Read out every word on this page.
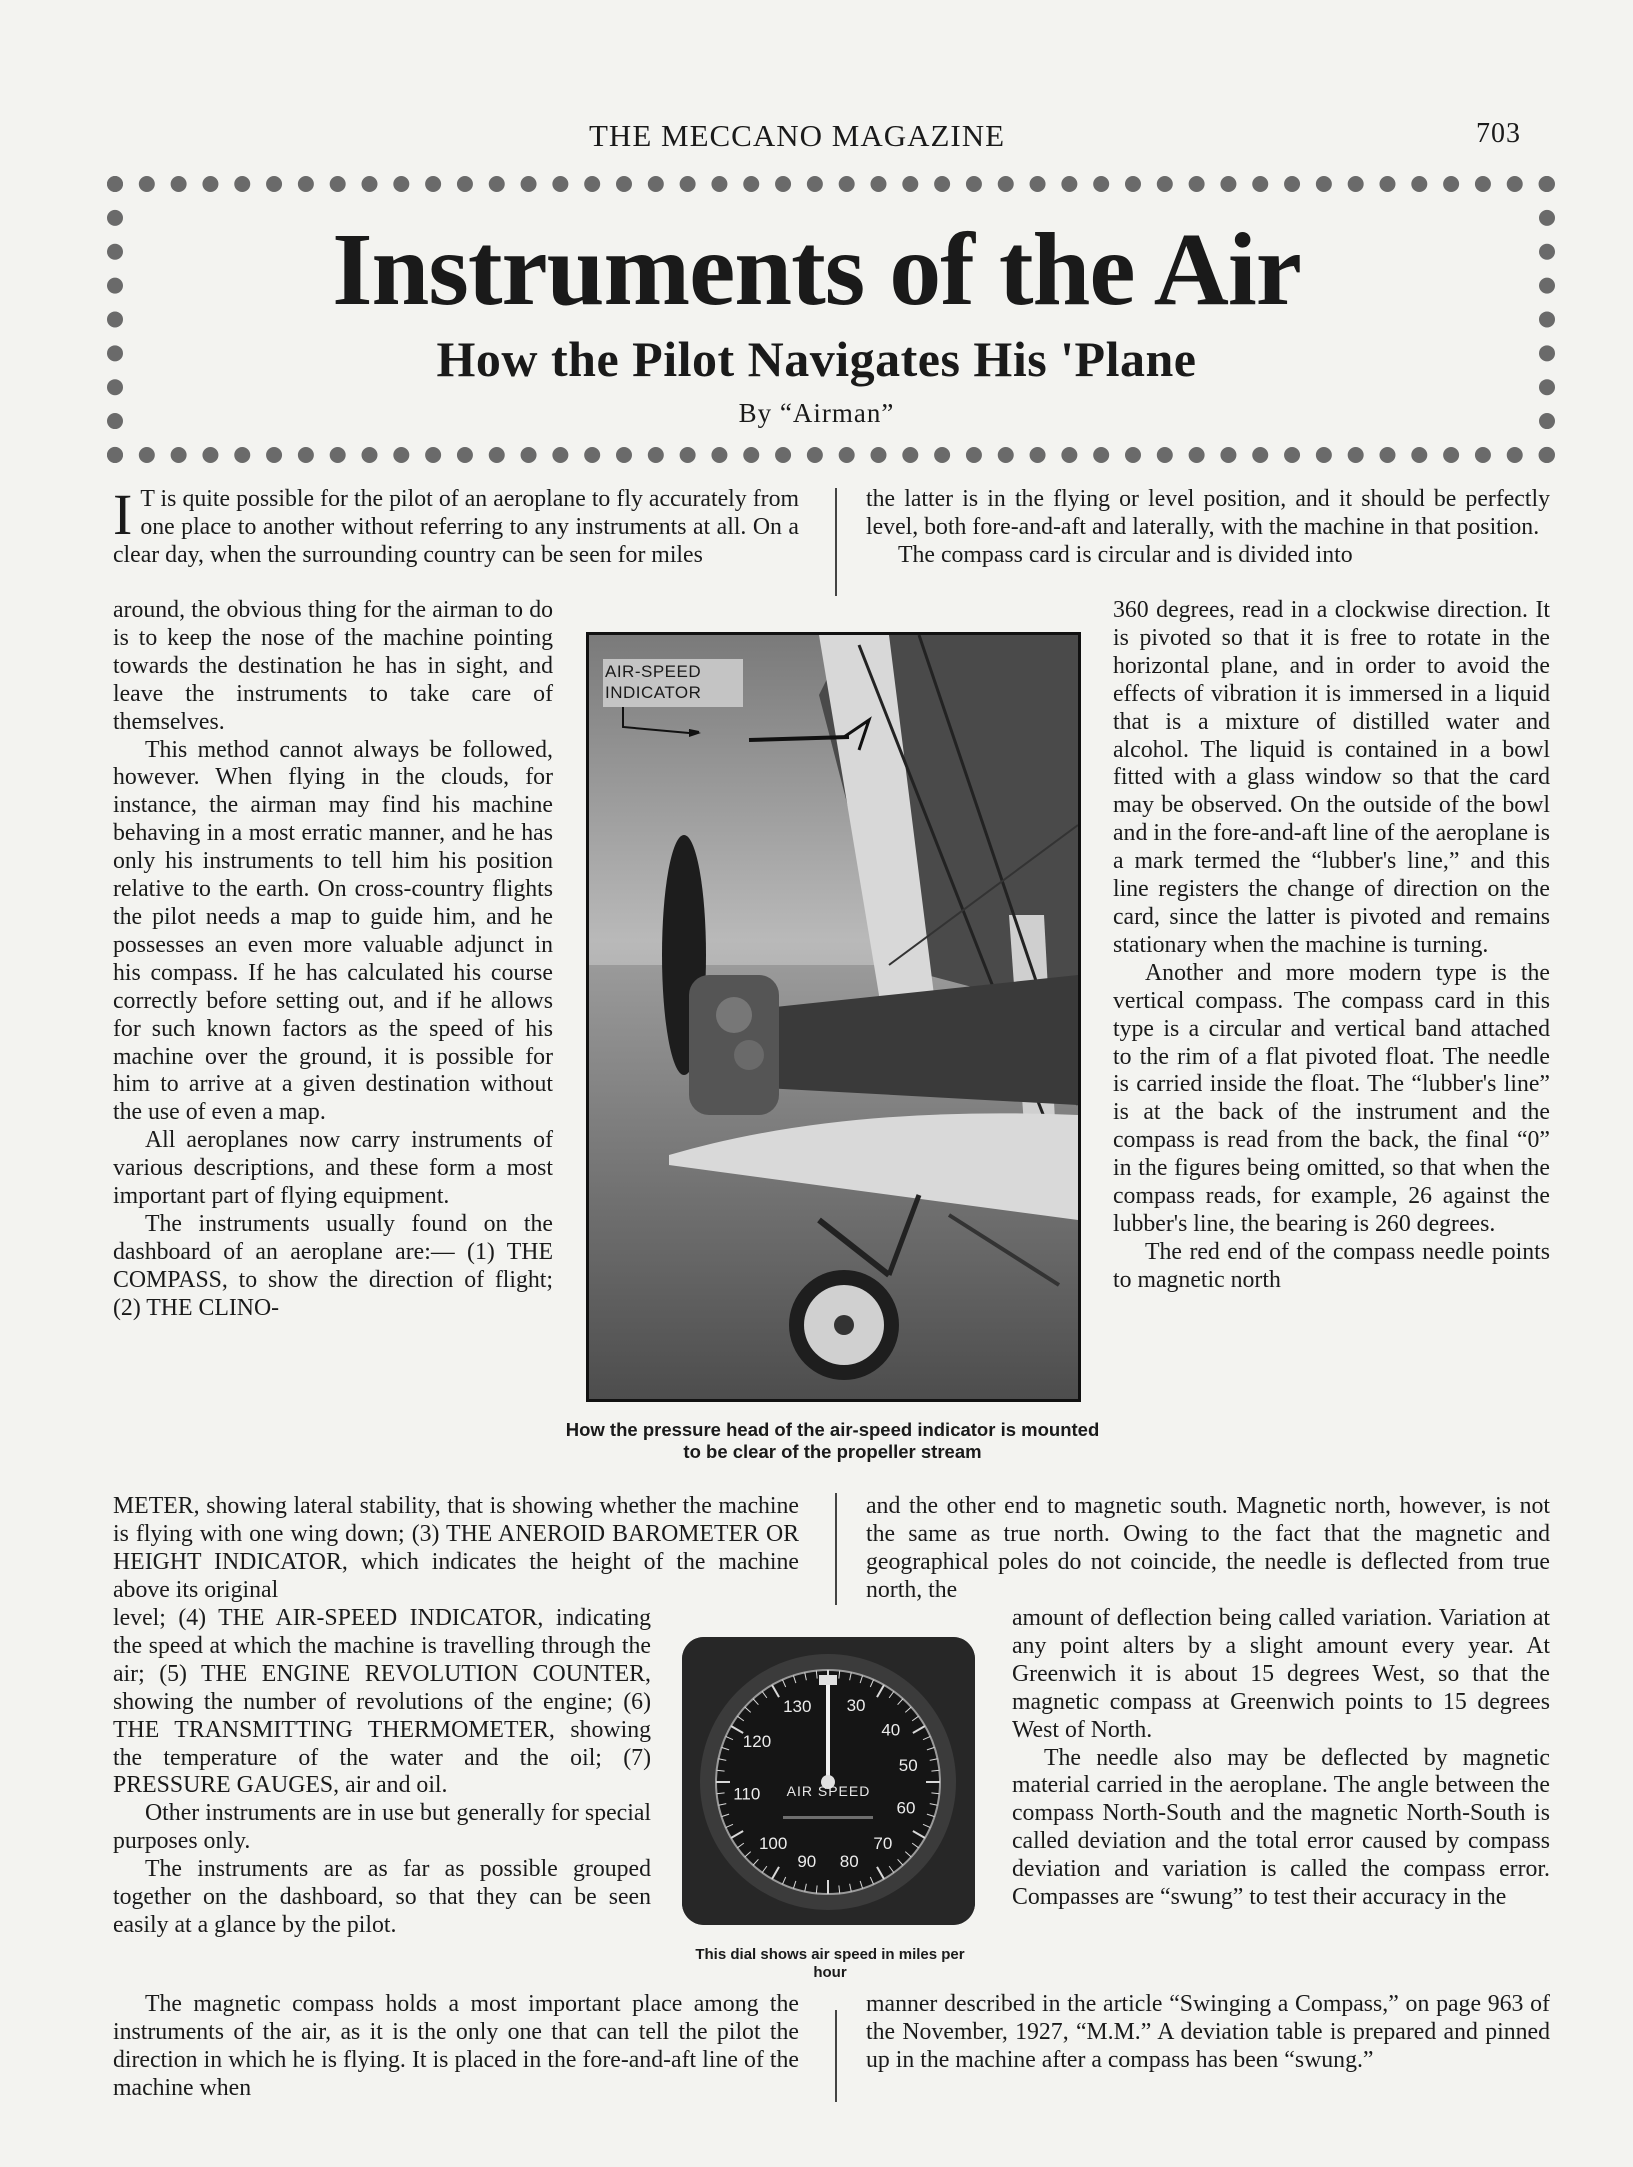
THE MECCANO MAGAZINE	703
Instruments of the Air
How the Pilot Navigates His 'Plane
By “Airman”

I T is quite possible for the pilot of an aeroplane to fly accurately from one place to another without referring to any instruments at all. On a clear day, when the surrounding country can be seen for miles

around, the obvious thing for the airman to do is to keep the nose of the machine pointing towards the destination he has in sight, and leave the instruments to take care of themselves.

This method cannot always be followed, however. When flying in the clouds, for instance, the airman may find his machine behaving in a most erratic manner, and he has only his instruments to tell him his position relative to the earth. On cross-country flights the pilot needs a map to guide him, and he possesses an even more valuable adjunct in his compass. If he has calculated his course correctly before setting out, and if he allows for such known factors as the speed of his machine over the ground, it is possible for him to arrive at a given destination without the use of even a map.

All aeroplanes now carry instruments of various descriptions, and these form a most important part of flying equipment.

The instruments usually found on the dashboard of an aeroplane are:— (1) THE COMPASS, to show the direction of flight; (2) THE CLINO-

METER, showing lateral stability, that is showing whether the machine is flying with one wing down; (3) THE ANEROID BAROMETER OR HEIGHT INDICATOR, which indicates the height of the machine above its original

level; (4) THE AIR-SPEED INDICATOR, indicating the speed at which the machine is travelling through the air; (5) THE ENGINE REVOLUTION COUNTER, showing the number of revolutions of the engine; (6) THE TRANSMITTING THERMOMETER, showing the temperature of the water and the oil; (7) PRESSURE GAUGES, air and oil.

Other instruments are in use but generally for special purposes only.

The instruments are as far as possible grouped together on the dashboard, so that they can be seen easily at a glance by the pilot.

The magnetic compass holds a most important place among the instruments of the air, as it is the only one that can tell the pilot the direction in which he is flying. It is placed in the fore-and-aft line of the machine when

the latter is in the flying or level position, and it should be perfectly level, both fore-and-aft and laterally, with the machine in that position.

The compass card is circular and is divided into

360 degrees, read in a clockwise direction. It is pivoted so that it is free to rotate in the horizontal plane, and in order to avoid the effects of vibration it is immersed in a liquid that is a mixture of distilled water and alcohol. The liquid is contained in a bowl fitted with a glass window so that the card may be observed. On the outside of the bowl and in the fore-and-aft line of the aeroplane is a mark termed the “lubber's line,” and this line registers the change of direction on the card, since the latter is pivoted and remains stationary when the machine is turning.

Another and more modern type is the vertical compass. The compass card in this type is a circular and vertical band attached to the rim of a flat pivoted float. The needle is carried inside the float. The “lubber's line” is at the back of the instrument and the compass is read from the back, the final “0” in the figures being omitted, so that when the compass reads, for example, 26 against the lubber's line, the bearing is 260 degrees.

The red end of the compass needle points to magnetic north

and the other end to magnetic south. Magnetic north, however, is not the same as true north. Owing to the fact that the magnetic and geographical poles do not coincide, the needle is deflected from true north, the

amount of deflection being called variation. Variation at any point alters by a slight amount every year. At Greenwich it is about 15 degrees West, so that the magnetic compass at Greenwich points to 15 degrees West of North.

The needle also may be deflected by magnetic material carried in the aeroplane. The angle between the compass North-South and the magnetic North-South is called deviation and the total error caused by compass deviation and variation is called the compass error. Compasses are “swung” to test their accuracy in the

manner described in the article “Swinging a Compass,” on page 963 of the November, 1927, “M.M.” A deviation table is prepared and pinned up in the machine after a compass has been “swung.”

AIR-SPEED
INDICATOR
How the pressure head of the air-speed indicator is mounted to be clear of the propeller stream
30
40
50
60
70
80
90
100
110
120
130
AIR SPEED
This dial shows air speed in miles per hour
